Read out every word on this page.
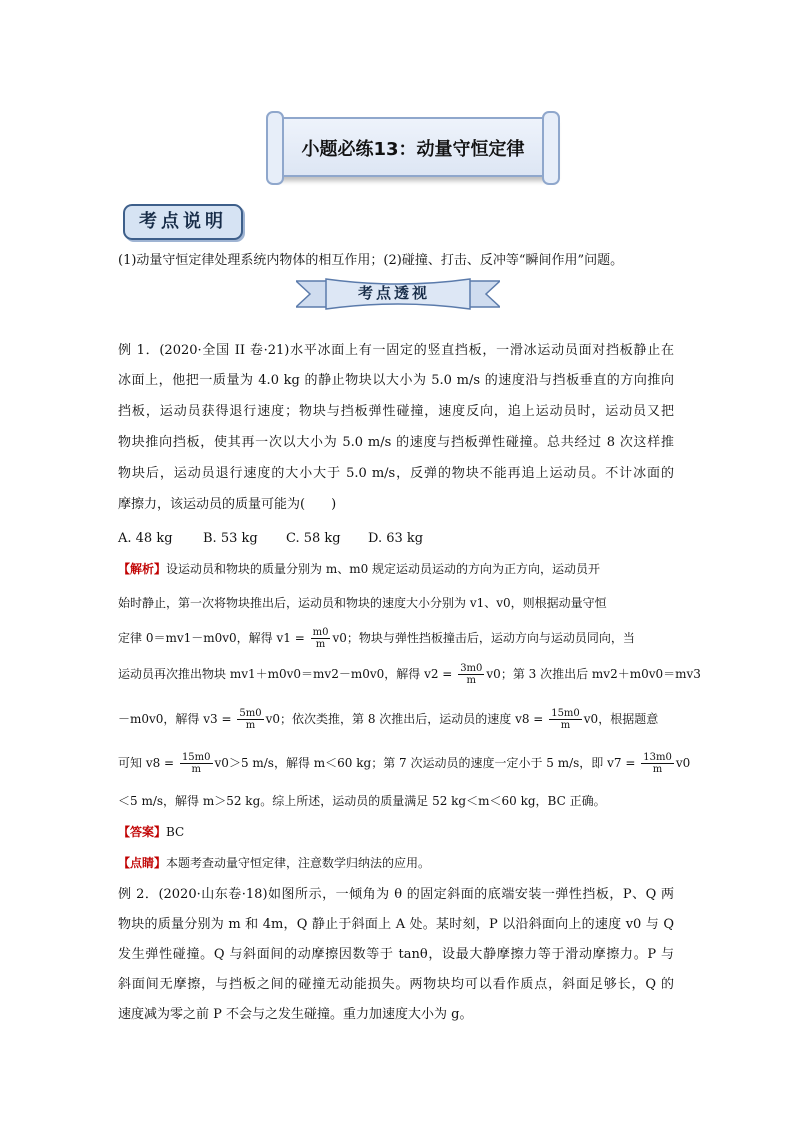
小题必练13：动量守恒定律
考点说明
(1)动量守恒定律处理系统内物体的相互作用；(2)碰撞、打击、反冲等“瞬间作用”问题。
考点透视
例 1．(2020·全国 II 卷·21)水平冰面上有一固定的竖直挡板，一滑冰运动员面对挡板静止在
冰面上，他把一质量为 4.0 kg 的静止物块以大小为 5.0 m/s 的速度沿与挡板垂直的方向推向
挡板，运动员获得退行速度；物块与挡板弹性碰撞，速度反向，追上运动员时，运动员又把
物块推向挡板，使其再一次以大小为 5.0 m/s 的速度与挡板弹性碰撞。总共经过 8 次这样推
物块后，运动员退行速度的大小大于 5.0 m/s，反弹的物块不能再追上运动员。不计冰面的
摩擦力，该运动员的质量可能为(　　)
A. 48 kg B. 53 kg C. 58 kg D. 63 kg
【解析】设运动员和物块的质量分别为 m、m0 规定运动员运动的方向为正方向，运动员开
始时静止，第一次将物块推出后，运动员和物块的速度大小分别为 v1、v0，则根据动量守恒
定律 0＝mv1－m0v0，解得 $v1 = \frac{m0}{m} v0$；物块与弹性挡板撞击后，运动方向与运动员同向，当
运动员再次推出物块 mv1＋m0v0＝mv2－m0v0，解得 $v2 = \frac{3m0}{m} v0$；第 3 次推出后 mv2＋m0v0＝mv3
－m0v0，解得 $v3 = \frac{5m0}{m} v0$；依次类推，第 8 次推出后，运动员的速度 $v8 = \frac{15m0}{m} v0$，根据题意
可知 $v8 = \frac{15m0}{m} v0>5$ m/s，解得 m＜60 kg；第 7 次运动员的速度一定小于 5 m/s，即 $v7 = \frac{13m0}{m} v0$
＜5 m/s，解得 m＞52 kg。综上所述，运动员的质量满足 52 kg＜m＜60 kg，BC 正确。
【答案】BC
【点睛】本题考查动量守恒定律，注意数学归纳法的应用。
例 2．(2020·山东卷·18)如图所示，一倾角为 θ 的固定斜面的底端安装一弹性挡板，P、Q 两
物块的质量分别为 m 和 4m，Q 静止于斜面上 A 处。某时刻，P 以沿斜面向上的速度 v0 与 Q
发生弹性碰撞。Q 与斜面间的动摩擦因数等于 tanθ，设最大静摩擦力等于滑动摩擦力。P 与
斜面间无摩擦，与挡板之间的碰撞无动能损失。两物块均可以看作质点，斜面足够长，Q 的
速度减为零之前 P 不会与之发生碰撞。重力加速度大小为 g。
